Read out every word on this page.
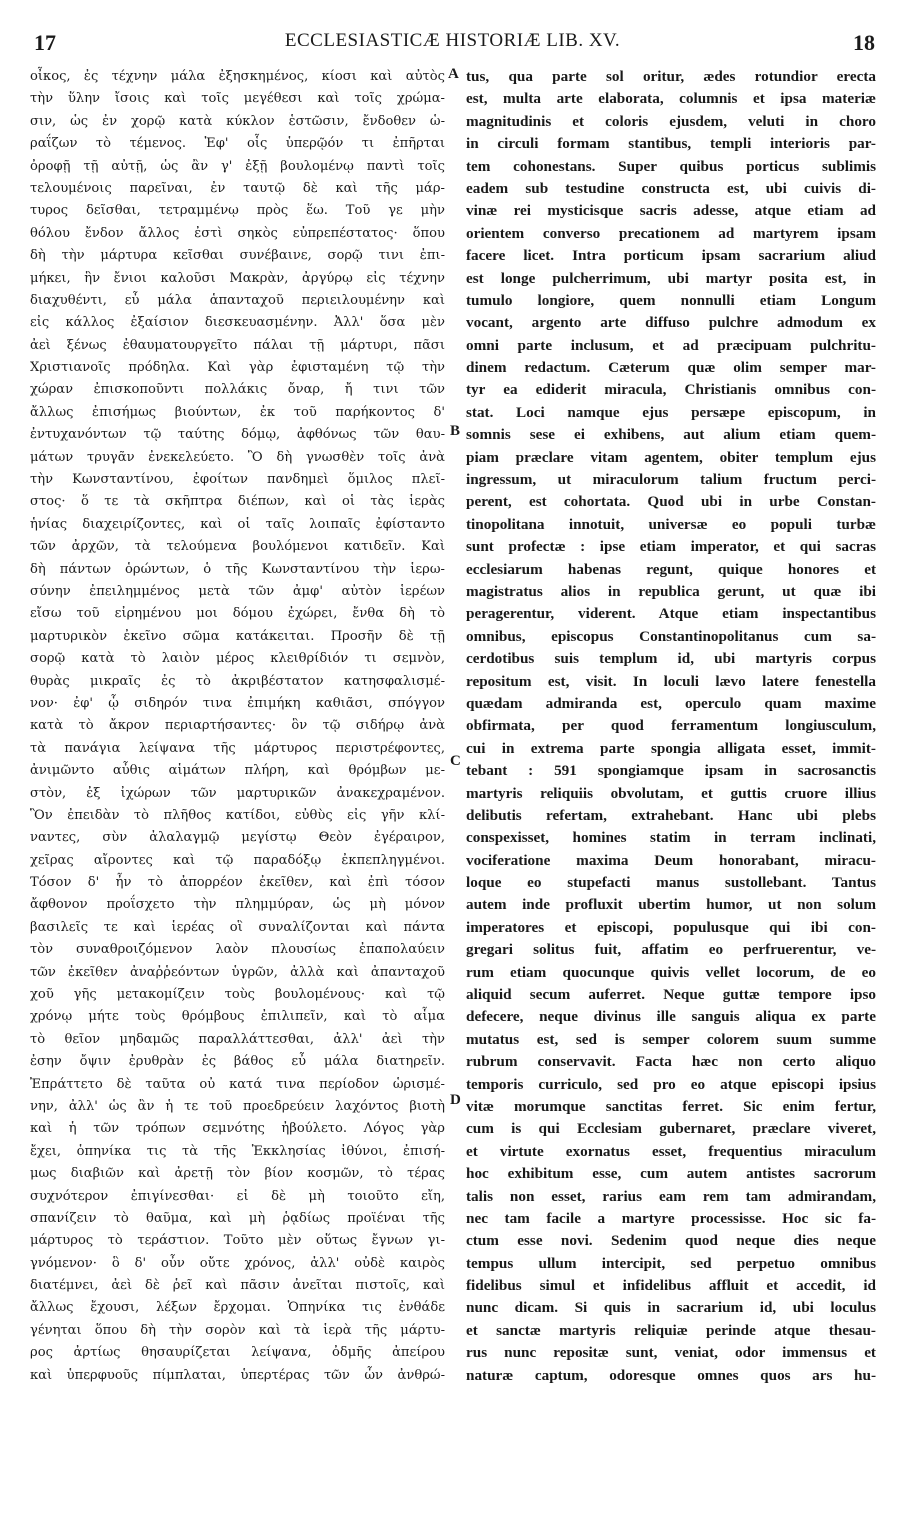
17	ECCLESIASTICÆ HISTORIÆ LIB. XV.	18
οἶκος, ἐς τέχνην μάλα ἐξησκημένος, κίοσι καὶ αὐτὸς
τὴν ὕλην ἴσοις καὶ τοῖς μεγέθεσι καὶ τοῖς χρώμα-
σιν, ὡς ἐν χορῷ κατὰ κύκλον ἑστῶσιν, ἔνδοθεν ὡ-
ραΐζων τὸ τέμενος. Ἐφ' οἷς ὑπερῷόν τι ἐπῆρται
ὀροφῇ τῇ αὐτῇ, ὡς ἂν γ' ἐξῇ βουλομένῳ παντὶ τοῖς
τελουμένοις παρεῖναι, ἐν ταυτῷ δὲ καὶ τῆς μάρ-
τυρος δεῖσθαι, τετραμμένῳ πρὸς ἕω. Τοῦ γε μὴν
θόλου ἔνδον ἄλλος ἐστὶ σηκὸς εὐπρεπέστατος· ὅπου
δὴ τὴν μάρτυρα κεῖσθαι συνέβαινε, σορῷ τινι ἐπι-
μήκει, ἣν ἔνιοι καλοῦσι Μακρὰν, ἀργύρῳ εἰς τέχνην
διαχυθέντι, εὖ μάλα ἁπανταχοῦ περιειλουμένην καὶ
εἰς κάλλος ἐξαίσιον διεσκευασμένην. Ἀλλ' ὅσα μὲν
ἀεὶ ξένως ἐθαυματουργεῖτο πάλαι τῇ μάρτυρι, πᾶσι
Χριστιανοῖς πρόδηλα. Καὶ γὰρ ἐφισταμένη τῷ τὴν
χώραν ἐπισκοποῦντι πολλάκις ὄναρ, ἤ τινι τῶν
ἄλλως ἐπισήμως βιούντων, ἐκ τοῦ παρήκοντος δ'
ἐντυχανόντων τῷ ταύτης δόμῳ, ἀφθόνως τῶν θαυ-
μάτων τρυγᾶν ἐνεκελεύετο. Ὃ δὴ γνωσθὲν τοῖς ἀνὰ
τὴν Κωνσταντίνου, ἐφοίτων πανδημεὶ ὅμιλος πλεῖ-
στος· ὅ τε τὰ σκῆπτρα διέπων, καὶ οἱ τὰς ἱερὰς
ἡνίας διαχειρίζοντες, καὶ οἱ ταῖς λοιπαῖς ἐφίσταντο
τῶν ἀρχῶν, τὰ τελούμενα βουλόμενοι κατιδεῖν. Καὶ
δὴ πάντων ὁρώντων, ὁ τῆς Κωνσταντίνου τὴν ἱερω-
σύνην ἐπειλημμένος μετὰ τῶν ἀμφ' αὐτὸν ἱερέων
εἴσω τοῦ εἰρημένου μοι δόμου ἐχώρει, ἔνθα δὴ τὸ
μαρτυρικὸν ἐκεῖνο σῶμα κατάκειται. Προσῆν δὲ τῇ
σορῷ κατὰ τὸ λαιὸν μέρος κλειθρίδιόν τι σεμνὸν,
θυρὰς μικραῖς ἐς τὸ ἀκριβέστατον κατησφαλισμέ-
νον· ἐφ' ᾧ σιδηρόν τινα ἐπιμήκη καθιᾶσι, σπόγγον
κατὰ τὸ ἄκρον περιαρτήσαντες· ὃν τῷ σιδήρῳ ἀνὰ
τὰ πανάγια λείψανα τῆς μάρτυρος περιστρέφοντες,
ἀνιμῶντο αὖθις αἱμάτων πλήρη, καὶ θρόμβων με-
στὸν, ἐξ ἰχώρων τῶν μαρτυρικῶν ἀνακεχραμένον.
Ὃν ἐπειδὰν τὸ πλῆθος κατίδοι, εὐθὺς εἰς γῆν κλί-
ναντες, σὺν ἀλαλαγμῷ μεγίστῳ Θεὸν ἐγέραιρον,
χεῖρας αἴροντες καὶ τῷ παραδόξῳ ἐκπεπληγμένοι.
Τόσον δ' ἦν τὸ ἀπορρέον ἐκεῖθεν, καὶ ἐπὶ τόσον
ἄφθονον προΐσχετο τὴν πλημμύραν, ὡς μὴ μόνον
βασιλεῖς τε καὶ ἱερέας οἳ συναλίζονται καὶ πάντα
τὸν συναθροιζόμενον λαὸν πλουσίως ἐπαπολαύειν
τῶν ἐκεῖθεν ἀναῤῥεόντων ὑγρῶν, ἀλλὰ καὶ ἀπανταχοῦ
χοῦ γῆς μετακομίζειν τοὺς βουλομένους· καὶ τῷ
χρόνῳ μήτε τοὺς θρόμβους ἐπιλιπεῖν, καὶ τὸ αἷμα
τὸ θεῖον μηδαμῶς παραλλάττεσθαι, ἀλλ' ἀεὶ τὴν
ἐσην ὄψιν ἐρυθρὰν ἐς βάθος εὖ μάλα διατηρεῖν.
Ἐπράττετο δὲ ταῦτα οὐ κατά τινα περίοδον ὡρισμέ-
νην, ἀλλ' ὡς ἂν ἡ τε τοῦ προεδρεύειν λαχόντος βιοτὴ
καὶ ἡ τῶν τρόπων σεμνότης ἠβούλετο. Λόγος γὰρ
ἔχει, ὁπηνίκα τις τὰ τῆς Ἐκκλησίας ἰθύνοι, ἐπισή-
μως διαβιῶν καὶ ἀρετῇ τὸν βίον κοσμῶν, τὸ τέρας
συχνότερον ἐπιγίνεσθαι· εἰ δὲ μὴ τοιοῦτο εἴη,
σπανίζειν τὸ θαῦμα, καὶ μὴ ῥᾳδίως προϊέναι τῆς
μάρτυρος τὸ τεράστιον. Τοῦτο μὲν οὕτως ἔγνων γι-
γνόμενον· ὃ δ' οὖν οὔτε χρόνος, ἀλλ' οὐδὲ καιρὸς
διατέμνει, ἀεὶ δὲ ῥεῖ καὶ πᾶσιν ἀνεῖται πιστοῖς, καὶ
ἄλλως ἔχουσι, λέξων ἔρχομαι. Ὁπηνίκα τις ἐνθάδε
γένηται ὅπου δὴ τὴν σορὸν καὶ τὰ ἱερὰ τῆς μάρτυ-
ρος ἀρτίως θησαυρίζεται λείψανα, ὀδμῆς ἀπείρου
καὶ ὑπερφυοῦς πίμπλαται, ὑπερτέρας τῶν ὧν ἀνθρώ-
tus, qua parte sol oritur, ædes rotundior erecta
est, multa arte elaborata, columnis et ipsa materiæ
magnitudinis et coloris ejusdem, veluti in choro
in circuli formam stantibus, templi interioris par-
tem cohonestans. Super quibus porticus sublimis
eadem sub testudine constructa est, ubi cuivis di-
vinæ rei mysticisque sacris adesse, atque etiam ad
orientem converso precationem ad martyrem ipsam
facere licet. Intra porticum ipsam sacrarium aliud
est longe pulcherrimum, ubi martyr posita est, in
tumulo longiore, quem nonnulli etiam Longum
vocant, argento arte diffuso pulchre admodum ex
omni parte inclusum, et ad præcipuam pulchritu-
dinem redactum. Cæterum quæ olim semper mar-
tyr ea ediderit miracula, Christianis omnibus con-
stat. Loci namque ejus persæpe episcopum, in
somnis sese ei exhibens, aut alium etiam quem-
piam præclare vitam agentem, obiter templum ejus
ingressum, ut miraculorum talium fructum perci-
perent, est cohortata. Quod ubi in urbe Constan-
tinopolitana innotuit, universæ eo populi turbæ
sunt profectæ : ipse etiam imperator, et qui sacras
ecclesiarum habenas regunt, quique honores et
magistratus alios in republica gerunt, ut quæ ibi
peragerentur, viderent. Atque etiam inspectantibus
omnibus, episcopus Constantinopolitanus cum sa-
cerdotibus suis templum id, ubi martyris corpus
repositum est, visit. In loculi lævo latere fenestella
quædam admiranda est, operculo quam maxime
obfirmata, per quod ferramentum longiusculum,
cui in extrema parte spongia alligata esset, immit-
tebant : 591 spongiamque ipsam in sacrosanctis
martyris reliquiis obvolutam, et guttis cruore illius
delibutis refertam, extrahebant. Hanc ubi plebs
conspexisset, homines statim in terram inclinati,
vociferatione maxima Deum honorabant, miracu-
loque eo stupefacti manus sustollebant. Tantus
autem inde profluxit ubertim humor, ut non solum
imperatores et episcopi, populusque qui ibi con-
gregari solitus fuit, affatim eo perfruerentur, ve-
rum etiam quocunque quivis vellet locorum, de eo
aliquid secum auferret. Neque guttæ tempore ipso
defecere, neque divinus ille sanguis aliqua ex parte
mutatus est, sed is semper colorem suum summe
rubrum conservavit. Facta hæc non certo aliquo
temporis curriculo, sed pro eo atque episcopi ipsius
vitæ morumque sanctitas ferret. Sic enim fertur,
cum is qui Ecclesiam gubernaret, præclare viveret,
et virtute exornatus esset, frequentius miraculum
hoc exhibitum esse, cum autem antistes sacrorum
talis non esset, rarius eam rem tam admirandam,
nec tam facile a martyre processisse. Hoc sic fa-
ctum esse novi. Sedenim quod neque dies neque
tempus ullum intercipit, sed perpetuo omnibus
fidelibus simul et infidelibus affluit et accedit, id
nunc dicam. Si quis in sacrarium id, ubi loculus
et sanctæ martyris reliquiæ perinde atque thesau-
rus nunc repositæ sunt, veniat, odor immensus et
naturæ captum, odoresque omnes quos ars hu-
A
B
C
D
